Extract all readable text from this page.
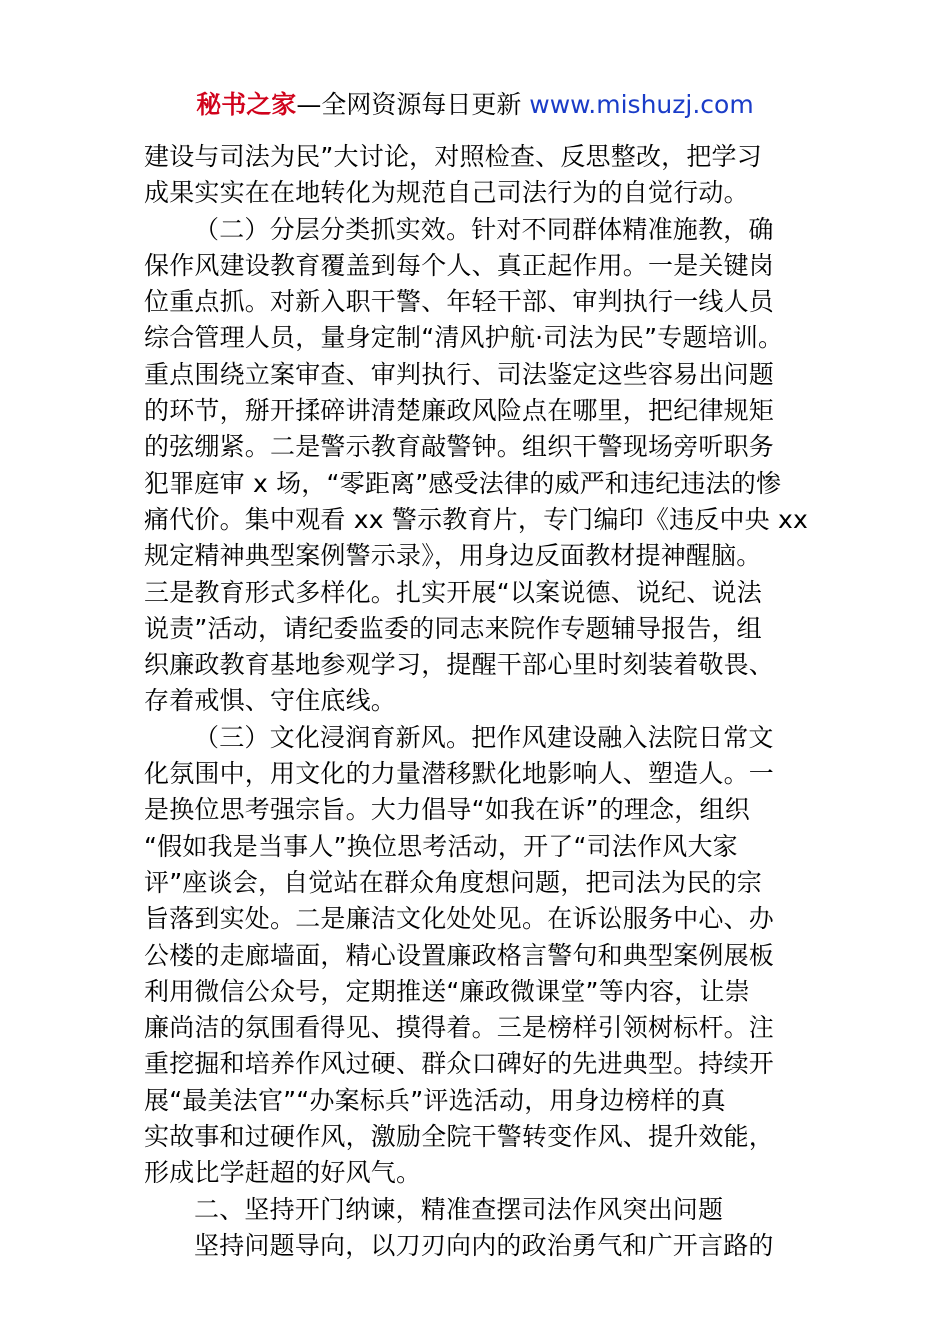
秘书之家—全网资源每日更新 www.mishuzj.com
建设与司法为民”大讨论，对照检查、反思整改，把学习
成果实实在在地转化为规范自己司法行为的自觉行动。
（二）分层分类抓实效。针对不同群体精准施教，确
保作风建设教育覆盖到每个人、真正起作用。一是关键岗
位重点抓。对新入职干警、年轻干部、审判执行一线人员
综合管理人员，量身定制“清风护航·司法为民”专题培训。
重点围绕立案审查、审判执行、司法鉴定这些容易出问题
的环节，掰开揉碎讲清楚廉政风险点在哪里，把纪律规矩
的弦绷紧。二是警示教育敲警钟。组织干警现场旁听职务
犯罪庭审 x 场，“零距离”感受法律的威严和违纪违法的惨
痛代价。集中观看 xx 警示教育片，专门编印《违反中央 xx
规定精神典型案例警示录》，用身边反面教材提神醒脑。
三是教育形式多样化。扎实开展“以案说德、说纪、说法
说责”活动，请纪委监委的同志来院作专题辅导报告，组
织廉政教育基地参观学习，提醒干部心里时刻装着敬畏、
存着戒惧、守住底线。
（三）文化浸润育新风。把作风建设融入法院日常文
化氛围中，用文化的力量潜移默化地影响人、塑造人。一
是换位思考强宗旨。大力倡导“如我在诉”的理念，组织
“假如我是当事人”换位思考活动，开了“司法作风大家
评”座谈会，自觉站在群众角度想问题，把司法为民的宗
旨落到实处。二是廉洁文化处处见。在诉讼服务中心、办
公楼的走廊墙面，精心设置廉政格言警句和典型案例展板
利用微信公众号，定期推送“廉政微课堂”等内容，让崇
廉尚洁的氛围看得见、摸得着。三是榜样引领树标杆。注
重挖掘和培养作风过硬、群众口碑好的先进典型。持续开
展“最美法官”“办案标兵”评选活动，用身边榜样的真
实故事和过硬作风，激励全院干警转变作风、提升效能，
形成比学赶超的好风气。
二、坚持开门纳谏，精准查摆司法作风突出问题
坚持问题导向，以刀刃向内的政治勇气和广开言路的
